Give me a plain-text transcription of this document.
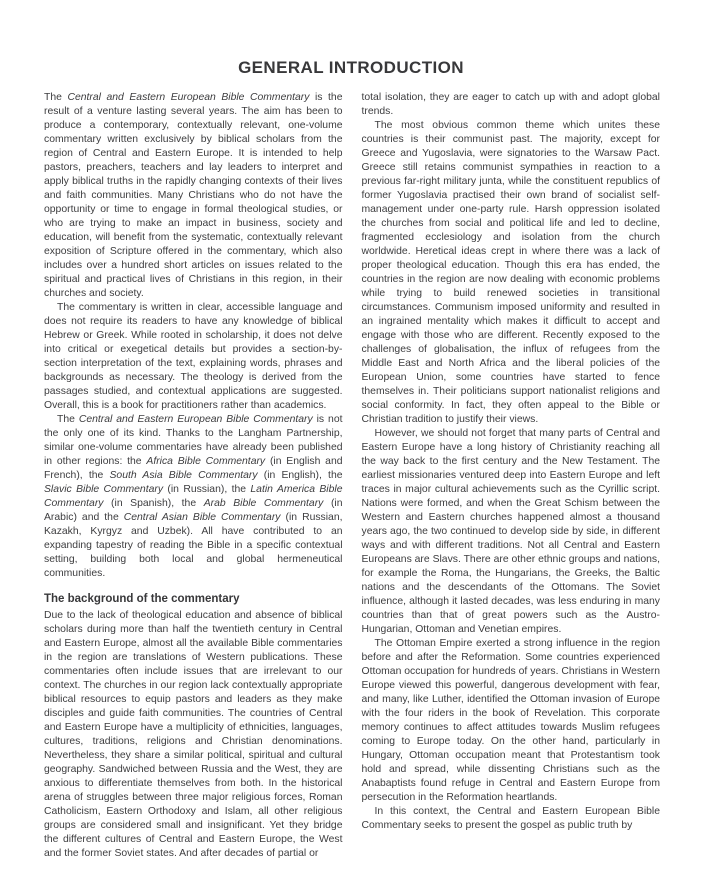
GENERAL INTRODUCTION

The Central and Eastern European Bible Commentary is the result of a venture lasting several years. The aim has been to produce a contemporary, contextually relevant, one-volume commentary written exclusively by biblical scholars from the region of Central and Eastern Europe. It is intended to help pastors, preachers, teachers and lay leaders to interpret and apply biblical truths in the rapidly changing contexts of their lives and faith communities. Many Christians who do not have the opportunity or time to engage in formal theological studies, or who are trying to make an impact in business, society and education, will benefit from the systematic, contextually relevant exposition of Scripture offered in the commentary, which also includes over a hundred short articles on issues related to the spiritual and practical lives of Christians in this region, in their churches and society.

The commentary is written in clear, accessible language and does not require its readers to have any knowledge of biblical Hebrew or Greek. While rooted in scholarship, it does not delve into critical or exegetical details but provides a section-by-section interpretation of the text, explaining words, phrases and backgrounds as necessary. The theology is derived from the passages studied, and contextual applications are suggested. Overall, this is a book for practitioners rather than academics.

The Central and Eastern European Bible Commentary is not the only one of its kind. Thanks to the Langham Partnership, similar one-volume commentaries have already been published in other regions: the Africa Bible Commentary (in English and French), the South Asia Bible Commentary (in English), the Slavic Bible Commentary (in Russian), the Latin America Bible Commentary (in Spanish), the Arab Bible Commentary (in Arabic) and the Central Asian Bible Commentary (in Russian, Kazakh, Kyrgyz and Uzbek). All have contributed to an expanding tapestry of reading the Bible in a specific contextual setting, building both local and global hermeneutical communities.

The background of the commentary

Due to the lack of theological education and absence of biblical scholars during more than half the twentieth century in Central and Eastern Europe, almost all the available Bible commentaries in the region are translations of Western publications. These commentaries often include issues that are irrelevant to our context. The churches in our region lack contextually appropriate biblical resources to equip pastors and leaders as they make disciples and guide faith communities. The countries of Central and Eastern Europe have a multiplicity of ethnicities, languages, cultures, traditions, religions and Christian denominations. Nevertheless, they share a similar political, spiritual and cultural geography. Sandwiched between Russia and the West, they are anxious to differentiate themselves from both. In the historical arena of struggles between three major religious forces, Roman Catholicism, Eastern Orthodoxy and Islam, all other religious groups are considered small and insignificant. Yet they bridge the different cultures of Central and Eastern Europe, the West and the former Soviet states. And after decades of partial or

total isolation, they are eager to catch up with and adopt global trends.

The most obvious common theme which unites these countries is their communist past. The majority, except for Greece and Yugoslavia, were signatories to the Warsaw Pact. Greece still retains communist sympathies in reaction to a previous far-right military junta, while the constituent republics of former Yugoslavia practised their own brand of socialist self-management under one-party rule. Harsh oppression isolated the churches from social and political life and led to decline, fragmented ecclesiology and isolation from the church worldwide. Heretical ideas crept in where there was a lack of proper theological education. Though this era has ended, the countries in the region are now dealing with economic problems while trying to build renewed societies in transitional circumstances. Communism imposed uniformity and resulted in an ingrained mentality which makes it difficult to accept and engage with those who are different. Recently exposed to the challenges of globalisation, the influx of refugees from the Middle East and North Africa and the liberal policies of the European Union, some countries have started to fence themselves in. Their politicians support nationalist religions and social conformity. In fact, they often appeal to the Bible or Christian tradition to justify their views.

However, we should not forget that many parts of Central and Eastern Europe have a long history of Christianity reaching all the way back to the first century and the New Testament. The earliest missionaries ventured deep into Eastern Europe and left traces in major cultural achievements such as the Cyrillic script. Nations were formed, and when the Great Schism between the Western and Eastern churches happened almost a thousand years ago, the two continued to develop side by side, in different ways and with different traditions. Not all Central and Eastern Europeans are Slavs. There are other ethnic groups and nations, for example the Roma, the Hungarians, the Greeks, the Baltic nations and the descendants of the Ottomans. The Soviet influence, although it lasted decades, was less enduring in many countries than that of great powers such as the Austro-Hungarian, Ottoman and Venetian empires.

The Ottoman Empire exerted a strong influence in the region before and after the Reformation. Some countries experienced Ottoman occupation for hundreds of years. Christians in Western Europe viewed this powerful, dangerous development with fear, and many, like Luther, identified the Ottoman invasion of Europe with the four riders in the book of Revelation. This corporate memory continues to affect attitudes towards Muslim refugees coming to Europe today. On the other hand, particularly in Hungary, Ottoman occupation meant that Protestantism took hold and spread, while dissenting Christians such as the Anabaptists found refuge in Central and Eastern Europe from persecution in the Reformation heartlands.

In this context, the Central and Eastern European Bible Commentary seeks to present the gospel as public truth by
